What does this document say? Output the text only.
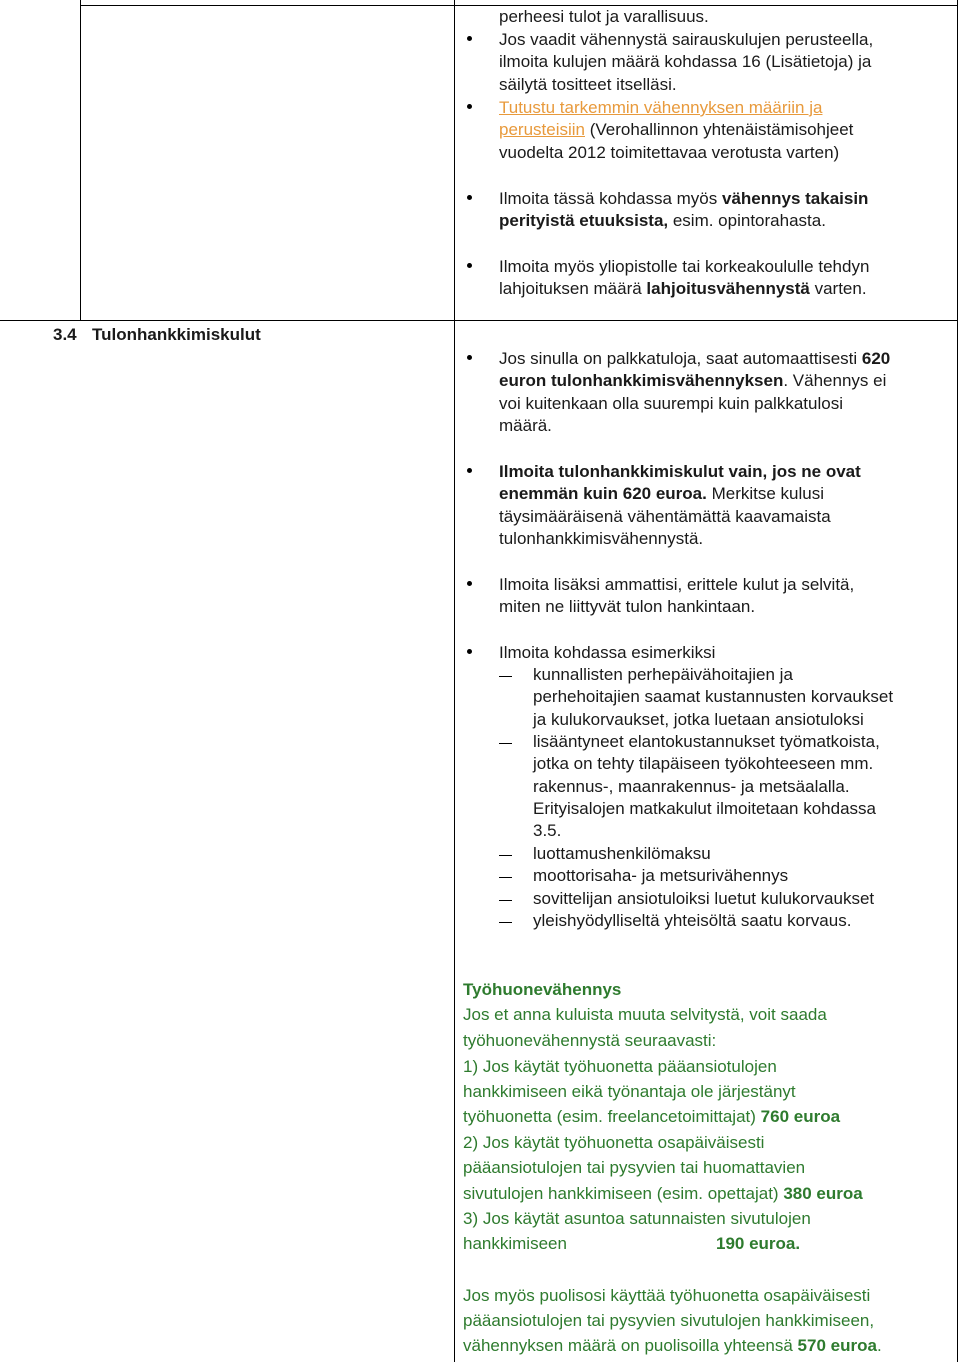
perheesi tulot ja varallisuus.
Jos vaadit vähennystä sairauskulujen perusteella,
ilmoita kulujen määrä kohdassa 16 (Lisätietoja) ja
säilytä tositteet itselläsi.
Tutustu tarkemmin vähennyksen määriin ja
perusteisiin (Verohallinnon yhtenäistämisohjeet
vuodelta 2012 toimitettavaa verotusta varten)
Ilmoita tässä kohdassa myös vähennys takaisin
perityistä etuuksista, esim. opintorahasta.
Ilmoita myös yliopistolle tai korkeakoululle tehdyn
lahjoituksen määrä lahjoitusvähennystä varten.
3.4 Tulonhankkimiskulut
Jos sinulla on palkkatuloja, saat automaattisesti 620
euron tulonhankkimisvähennyksen. Vähennys ei
voi kuitenkaan olla suurempi kuin palkkatulosi
määrä.
Ilmoita tulonhankkimiskulut vain, jos ne ovat
enemmän kuin 620 euroa. Merkitse kulusi
täysimääräisenä vähentämättä kaavamaista
tulonhankkimisvähennystä.
Ilmoita lisäksi ammattisi, erittele kulut ja selvitä,
miten ne liittyvät tulon hankintaan.
Ilmoita kohdassa esimerkiksi
kunnallisten perhepäivähoitajien ja
perhehoitajien saamat kustannusten korvaukset
ja kulukorvaukset, jotka luetaan ansiotuloksi
lisääntyneet elantokustannukset työmatkoista,
jotka on tehty tilapäiseen työkohteeseen mm.
rakennus-, maanrakennus- ja metsäalalla.
Erityisalojen matkakulut ilmoitetaan kohdassa
3.5.
luottamushenkilömaksu
moottorisaha- ja metsurivähennys
sovittelijan ansiotuloiksi luetut kulukorvaukset
yleishyödylliseltä yhteisöltä saatu korvaus.
Työhuonevähennys
Jos et anna kuluista muuta selvitystä, voit saada
työhuonevähennystä seuraavasti:
1) Jos käytät työhuonetta pääansiotulojen
hankkimiseen eikä työnantaja ole järjestänyt
työhuonetta (esim. freelancetoimittajat) 760 euroa
2) Jos käytät työhuonetta osapäiväisesti
pääansiotulojen tai pysyvien tai huomattavien
sivutulojen hankkimiseen (esim. opettajat) 380 euroa
3) Jos käytät asuntoa satunnaisten sivutulojen
hankkimiseen	190 euroa.
Jos myös puolisosi käyttää työhuonetta osapäiväisesti
pääansiotulojen tai pysyvien sivutulojen hankkimiseen,
vähennyksen määrä on puolisoilla yhteensä 570 euroa.
